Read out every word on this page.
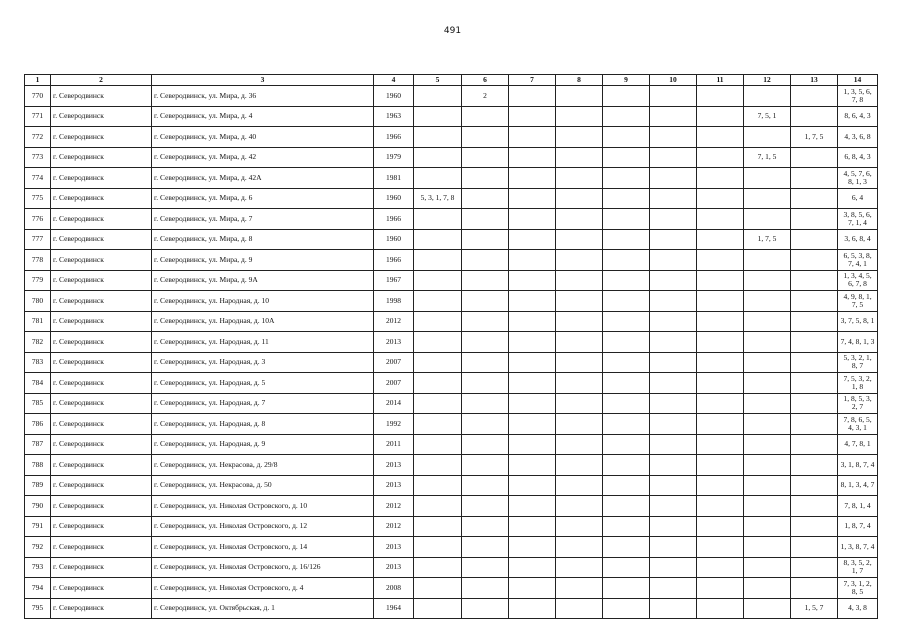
491
1	2	3	4	5	6	7	8	9	10	11	12	13	14
770	г. Северодвинск	г. Северодвинск, ул. Мира, д. 36	1960		2								1, 3, 5, 6, 7, 8
771	г. Северодвинск	г. Северодвинск, ул. Мира, д. 4	1963								7, 5, 1		8, 6, 4, 3
772	г. Северодвинск	г. Северодвинск, ул. Мира, д. 40	1966									1, 7, 5	4, 3, 6, 8
773	г. Северодвинск	г. Северодвинск, ул. Мира, д. 42	1979								7, 1, 5		6, 8, 4, 3
774	г. Северодвинск	г. Северодвинск, ул. Мира, д. 42А	1981										4, 5, 7, 6, 8, 1, 3
775	г. Северодвинск	г. Северодвинск, ул. Мира, д. 6	1960	5, 3, 1, 7, 8									6, 4
776	г. Северодвинск	г. Северодвинск, ул. Мира, д. 7	1966										3, 8, 5, 6, 7, 1, 4
777	г. Северодвинск	г. Северодвинск, ул. Мира, д. 8	1960								1, 7, 5		3, 6, 8, 4
778	г. Северодвинск	г. Северодвинск, ул. Мира, д. 9	1966										6, 5, 3, 8, 7, 4, 1
779	г. Северодвинск	г. Северодвинск, ул. Мира, д. 9А	1967										1, 3, 4, 5, 6, 7, 8
780	г. Северодвинск	г. Северодвинск, ул. Народная, д. 10	1998										4, 9, 8, 1, 7, 5
781	г. Северодвинск	г. Северодвинск, ул. Народная, д. 10А	2012										3, 7, 5, 8, 1
782	г. Северодвинск	г. Северодвинск, ул. Народная, д. 11	2013										7, 4, 8, 1, 3
783	г. Северодвинск	г. Северодвинск, ул. Народная, д. 3	2007										5, 3, 2, 1, 8, 7
784	г. Северодвинск	г. Северодвинск, ул. Народная, д. 5	2007										7, 5, 3, 2, 1, 8
785	г. Северодвинск	г. Северодвинск, ул. Народная, д. 7	2014										1, 8, 5, 3, 2, 7
786	г. Северодвинск	г. Северодвинск, ул. Народная, д. 8	1992										7, 8, 6, 5, 4, 3, 1
787	г. Северодвинск	г. Северодвинск, ул. Народная, д. 9	2011										4, 7, 8, 1
788	г. Северодвинск	г. Северодвинск, ул. Некрасова, д. 29/8	2013										3, 1, 8, 7, 4
789	г. Северодвинск	г. Северодвинск, ул. Некрасова, д. 50	2013										8, 1, 3, 4, 7
790	г. Северодвинск	г. Северодвинск, ул. Николая Островского, д. 10	2012										7, 8, 1, 4
791	г. Северодвинск	г. Северодвинск, ул. Николая Островского, д. 12	2012										1, 8, 7, 4
792	г. Северодвинск	г. Северодвинск, ул. Николая Островского, д. 14	2013										1, 3, 8, 7, 4
793	г. Северодвинск	г. Северодвинск, ул. Николая Островского, д. 16/126	2013										8, 3, 5, 2, 1, 7
794	г. Северодвинск	г. Северодвинск, ул. Николая Островского, д. 4	2008										7, 3, 1, 2, 8, 5
795	г. Северодвинск	г. Северодвинск, ул. Октябрьская, д. 1	1964									1, 5, 7	4, 3, 8
